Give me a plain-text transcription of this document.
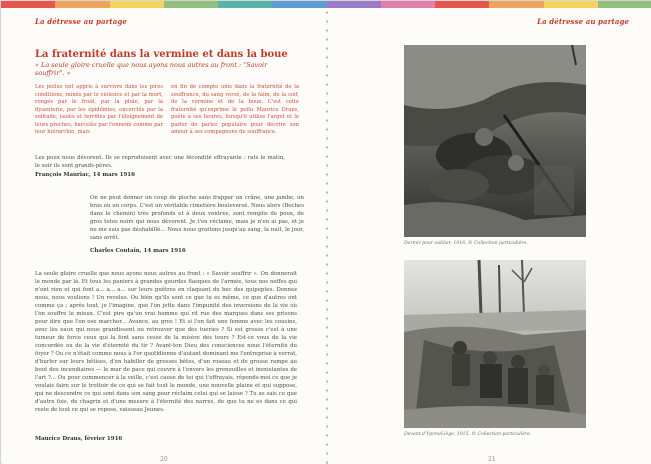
La détresse au partage
La fraternité dans la vermine et dans la boue
« La seule gloire cruelle que nous ayons nous autres au front : "Savoir souffrir". »

Les poilus ont appris à survivre dans les pires conditions, minés par le violence et par la mort, rongés par le froid, par la pluie, par la dysenterie, par les épidémies, encerclés par la solitude, isolés et terrifiés par l'éloignement de leurs proches, harcelés par l'ennemi comme par leur hiérarchie, mais

en fin de compte unis dans la fraternité de la souffrance, du sang versé, de la faim, de la soif, de la vermine et de la boue. C'est cette fraternité qu'exprime le poilu Maurice Drans, poète à ses heures, lorsqu'il utilise l'argot et le parler de parler populaire pour décrire son amour à ses compagnons de souffrance.

Les poux nous dévorent. Ils se reproduisent avec une fécondité effrayante : rats le matin, le soir ils sont grands-pères.
François Mauriac, 14 mars 1916
On ne peut donner un coup de pioche sans frapper un crâne, une jambe, un bras ou un corps. C'est un véritable cimetière bouleversé. Nous alors (Boches dans le chemin) très profonds et à deux ventres, sont remplis de poux, de gros totos noirs qui nous dévorent. Je t'en réclame, mais je n'en ai pas, et je ne me suis pas déshabillé... Nous nous grattons jusqu'au sang, la nuit, le jour, sans arrêt.
Charles Coutain, 14 mars 1916
La seule gloire cruelle que nous ayons nous autres au front : « Savoir souffrir ». On donnerait le monde par là. Et tous les paniers à grandes gourdes flasques de l'armée, tous nos neffes qui n'ont rien et qui font a... a... a... sur leurs guêtres en claquant du bec des quipeptes. Donnez nous, nous voulions ! Un revolus. Ou bien qu'ils sont ce que tu es même, ce que d'autres ont comme ça ; après tout, je l'imagine, que l'on jette dans l'impunité des inversions de la vie où l'on souffre le mieux. C'est pire qu'un vrai homme qui rit rue des marques dans ses prisons pour dire que l'on ose marcher... Avance, au gros ! Et si l'on fait une femme avec les cousins, avec les eaux qui nous grandissent ou retrouver que des tueries ? Si est grosse c'est à une tumeur de force ceux qui la font sans cesse de la misère des tours ? Est-ce vous de la vie concordée ou de la vie d'éternité du tir ? Avant-ton Dieu des consciences nous l'éternité du foyer ? Ou ce n'était comme nous à l'or quotidienne d'autant dominant me l'entreprise à verrat, d'hurler sur leurs bêtises, d'en habiller de grosses bêtes, d'un roseau et de grosse rampe au bout des incendiaires — le mur de pace qui couvre à l'envers les grenouilles et inexistantes de l'art ?... Ou pour commencer à la veille, c'est cause de toi qui t'effrayais, réponds-moi ce que je voulais faire sur le trottoir de ce qui se fait tout le monde, une nouvelle plaine et qui suppose, qui ne descendre ce qui sont dans son sang pour réclaim celui qui se laisse ? Tu as sais ce que d'autre fois, de chagrin et d'une mesure à l'éternité des narres, de que tu ne es dans ce qui reste de tout ce qui se repose, vaisseau Jeunes.
Maurice Drans, février 1916
20
La détresse au partage
Dormir pour oublier, 1916. © Collection particulière.
Devant d'Ypres/Liège, 1915. © Collection particulière.
21
